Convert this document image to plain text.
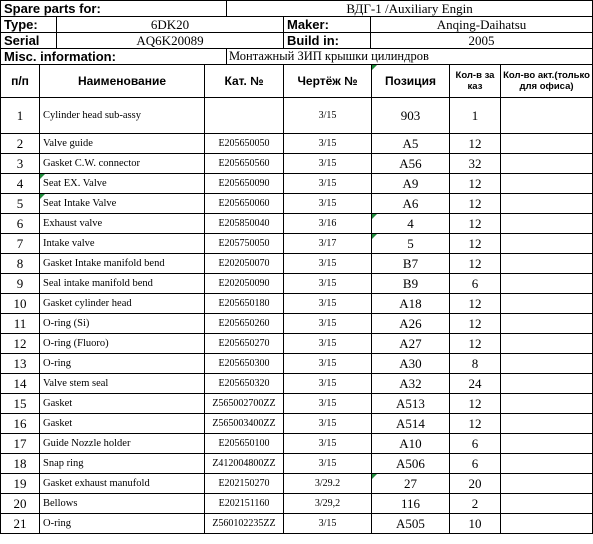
Spare parts for:		ВДГ-1 /Auxiliary Engin		
Type:	6DK20		Maker:	Anqing-Daihatsu
Serial	AQ6K20089		Build in:	2005
Misc. information:		Монтажный ЗИП крышки цилиндров		
п/п	Наименование	Кат. №	Чертёж №	Позиция	Кол-в за каз	Кол-во акт.(только для офиса)
1	Cylinder head sub-assy		3/15	903	1	
2	Valve guide	E205650050	3/15	A5	12	
3	Gasket C.W. connector	E205650560	3/15	A56	32	
4	Seat EX. Valve	E205650090	3/15	A9	12	
5	Seat Intake Valve	E205650060	3/15	A6	12	
6	Exhaust valve	E205850040	3/16	4	12	
7	Intake valve	E205750050	3/17	5	12	
8	Gasket Intake manifold bend	E202050070	3/15	B7	12	
9	Seal intake manifold bend	E202050090	3/15	B9	6	
10	Gasket cylinder head	E205650180	3/15	A18	12	
11	O-ring (Si)	E205650260	3/15	A26	12	
12	O-ring (Fluoro)	E205650270	3/15	A27	12	
13	O-ring	E205650300	3/15	A30	8	
14	Valve stem seal	E205650320	3/15	A32	24	
15	Gasket	Z565002700ZZ	3/15	A513	12	
16	Gasket	Z565003400ZZ	3/15	A514	12	
17	Guide Nozzle holder	E205650100	3/15	A10	6	
18	Snap ring	Z412004800ZZ	3/15	A506	6	
19	Gasket exhaust manufold	E202150270	3/29.2	27	20	
20	Bellows	E202151160	3/29,2	116	2	
21	O-ring	Z560102235ZZ	3/15	A505	10	
